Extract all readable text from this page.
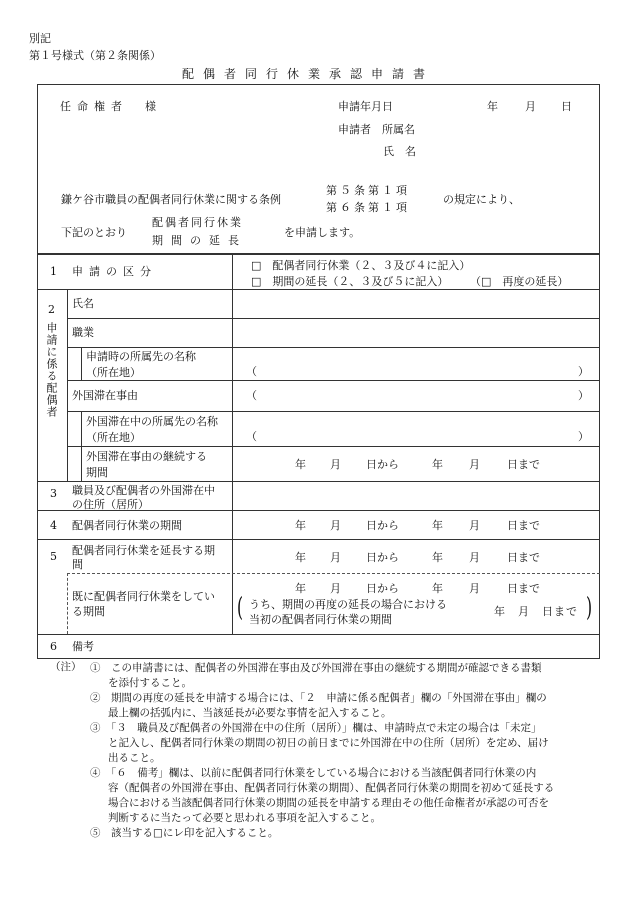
別記
第１号様式（第２条関係）
配偶者同行休業承認申請書
任命権者　様	申請年月日	年 月 日
申請者　所属名
氏　名
鎌ケ谷市職員の配偶者同行休業に関する条例
第５条第１項
第６条第１項
の規定により、
下記のとおり
配偶者同行休業
期間の延長
を申請します。
1 申請の区分	□　配偶者同行休業（２、３及び４に記入）
□　期間の延長（２、３及び５に記入） （□　再度の延長）
2
申請に係る配偶者
氏名
職業
申請時の所属先の名称
（所在地）	（	）
外国滞在事由	（	）
外国滞在中の所属先の名称
（所在地）	（	）
外国滞在事由の継続する
期間
年 月 日から	年 月 日まで
3 職員及び配偶者の外国滞在中
の住所（居所）
4 配偶者同行休業の期間	年 月 日から	年 月 日まで
5 配偶者同行休業を延長する期
間
年 月 日から	年 月 日まで
既に配偶者同行休業をしてい
る期間
年 月 日から	年 月 日まで
(	)
うち、期間の再度の延長の場合における
当初の配偶者同行休業の期間
年　月　日まで
6 備考
（注） ①　この申請書には、配偶者の外国滞在事由及び外国滞在事由の継続する期間が確認できる書類
を添付すること。
②　期間の再度の延長を申請する場合には、「２　申請に係る配偶者」欄の「外国滞在事由」欄の
最上欄の括弧内に、当該延長が必要な事情を記入すること。
③　「３　職員及び配偶者の外国滞在中の住所（居所）」欄は、申請時点で未定の場合は「未定」
と記入し、配偶者同行休業の期間の初日の前日までに外国滞在中の住所（居所）を定め、届け
出ること。
④　「６　備考」欄は、以前に配偶者同行休業をしている場合における当該配偶者同行休業の内
容（配偶者の外国滞在事由、配偶者同行休業の期間）、配偶者同行休業の期間を初めて延長する
場合における当該配偶者同行休業の期間の延長を申請する理由その他任命権者が承認の可否を
判断するに当たって必要と思われる事項を記入すること。
⑤　該当する□にレ印を記入すること。
